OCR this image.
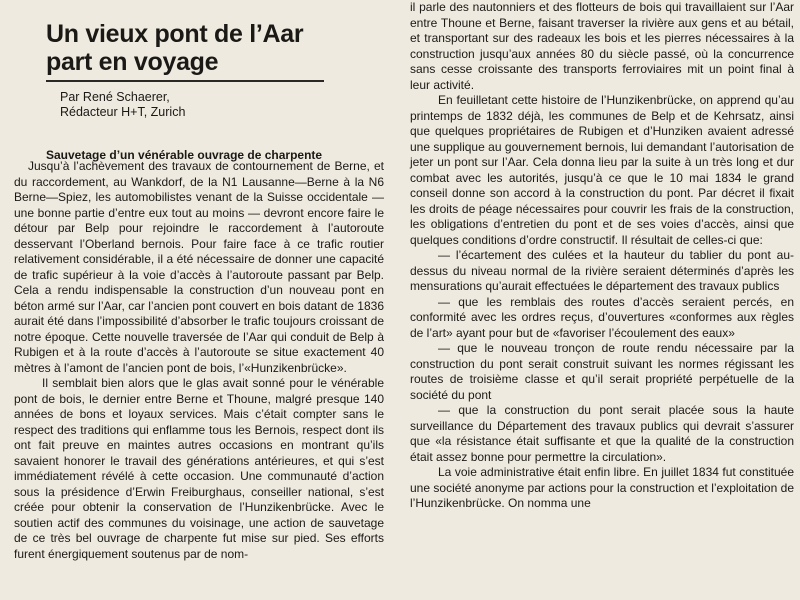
Un vieux pont de l’Aar part en voyage
Par René Schaerer,
Rédacteur H+T, Zurich
Sauvetage d’un vénérable ouvrage de charpente

Jusqu’à l’achèvement des travaux de contournement de Berne, et du raccordement, au Wankdorf, de la N1 Lausanne—Berne à la N6 Berne—Spiez, les automobilistes venant de la Suisse occidentale — une bonne partie d’entre eux tout au moins — devront encore faire le détour par Belp pour rejoindre le raccordement à l’autoroute desservant l’Oberland bernois. Pour faire face à ce trafic routier relativement considérable, il a été nécessaire de donner une capacité de trafic supérieur à la voie d’accès à l’autoroute passant par Belp. Cela a rendu indispensable la construction d’un nouveau pont en béton armé sur l’Aar, car l’ancien pont couvert en bois datant de 1836 aurait été dans l’impossibilité d’absorber le trafic toujours croissant de notre époque. Cette nouvelle traversée de l’Aar qui conduit de Belp à Rubigen et à la route d’accès à l’autoroute se situe exactement 40 mètres à l’amont de l’ancien pont de bois, l’«Hunzikenbrücke».

Il semblait bien alors que le glas avait sonné pour le vénérable pont de bois, le dernier entre Berne et Thoune, malgré presque 140 années de bons et loyaux services. Mais c’était compter sans le respect des traditions qui enflamme tous les Bernois, respect dont ils ont fait preuve en maintes autres occasions en montrant qu’ils savaient honorer le travail des générations antérieures, et qui s’est immédiatement révélé à cette occasion. Une communauté d’action sous la présidence d’Erwin Freiburghaus, conseiller national, s’est créée pour obtenir la conservation de l’Hunzikenbrücke. Avec le soutien actif des communes du voisinage, une action de sauvetage de ce très bel ouvrage de charpente fut mise sur pied. Ses efforts furent énergiquement soutenus par de nom-

il parle des nautonniers et des flotteurs de bois qui travaillaient sur l’Aar entre Thoune et Berne, faisant traverser la rivière aux gens et au bétail, et transportant sur des radeaux les bois et les pierres nécessaires à la construction jusqu’aux années 80 du siècle passé, où la concurrence sans cesse croissante des transports ferroviaires mit un point final à leur activité.

En feuilletant cette histoire de l’Hunzikenbrücke, on apprend qu’au printemps de 1832 déjà, les communes de Belp et de Kehrsatz, ainsi que quelques propriétaires de Rubigen et d’Hunziken avaient adressé une supplique au gouvernement bernois, lui demandant l’autorisation de jeter un pont sur l’Aar. Cela donna lieu par la suite à un très long et dur combat avec les autorités, jusqu’à ce que le 10 mai 1834 le grand conseil donne son accord à la construction du pont. Par décret il fixait les droits de péage nécessaires pour couvrir les frais de la construction, les obligations d’entretien du pont et de ses voies d’accès, ainsi que quelques conditions d’ordre constructif. Il résultait de celles-ci que:

— l’écartement des culées et la hauteur du tablier du pont au-dessus du niveau normal de la rivière seraient déterminés d’après les mensurations qu’aurait effectuées le département des travaux publics

— que les remblais des routes d’accès seraient percés, en conformité avec les ordres reçus, d’ouvertures «conformes aux règles de l’art» ayant pour but de «favoriser l’écoulement des eaux»

— que le nouveau tronçon de route rendu nécessaire par la construction du pont serait construit suivant les normes régissant les routes de troisième classe et qu’il serait propriété perpétuelle de la société du pont

— que la construction du pont serait placée sous la haute surveillance du Département des travaux publics qui devrait s’assurer que «la résistance était suffisante et que la qualité de la construction était assez bonne pour permettre la circulation».

La voie administrative était enfin libre. En juillet 1834 fut constituée une société anonyme par actions pour la construction et l’exploitation de l’Hunzikenbrücke. On nomma une
